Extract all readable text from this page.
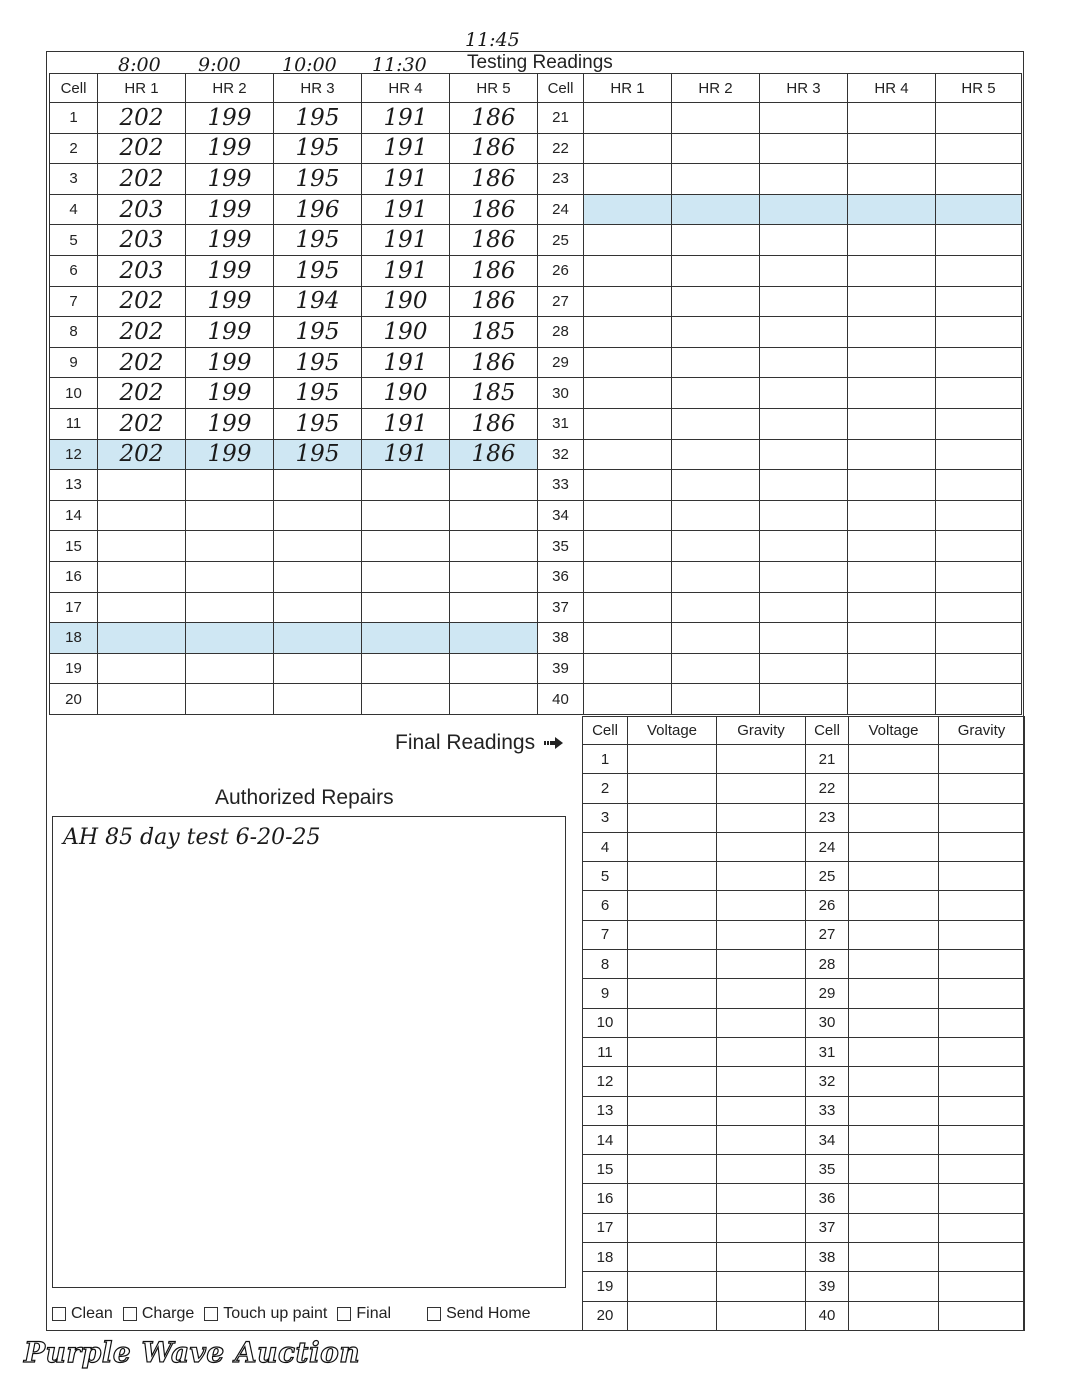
8:00 9:00 10:00 11:30
11:45
Testing Readings
Cell	HR 1	HR 2	HR 3	HR 4	HR 5	Cell	HR 1	HR 2	HR 3	HR 4	HR 5
1	202	199	195	191	186	21					
2	202	199	195	191	186	22					
3	202	199	195	191	186	23					
4	203	199	196	191	186	24					
5	203	199	195	191	186	25					
6	203	199	195	191	186	26					
7	202	199	194	190	186	27					
8	202	199	195	190	185	28					
9	202	199	195	191	186	29					
10	202	199	195	190	185	30					
11	202	199	195	191	186	31					
12	202	199	195	191	186	32					
13						33					
14						34					
15						35					
16						36					
17						37					
18						38					
19						39					
20						40					
Final Readings
Cell	Voltage	Gravity	Cell	Voltage	Gravity
1			21		
2			22		
3			23		
4			24		
5			25		
6			26		
7			27		
8			28		
9			29		
10			30		
11			31		
12			32		
13			33		
14			34		
15			35		
16			36		
17			37		
18			38		
19			39		
20			40		
Authorized Repairs
AH 85 day test 6-20-25
Clean Charge Touch up paint Final	Send Home
Purple Wave Auction
